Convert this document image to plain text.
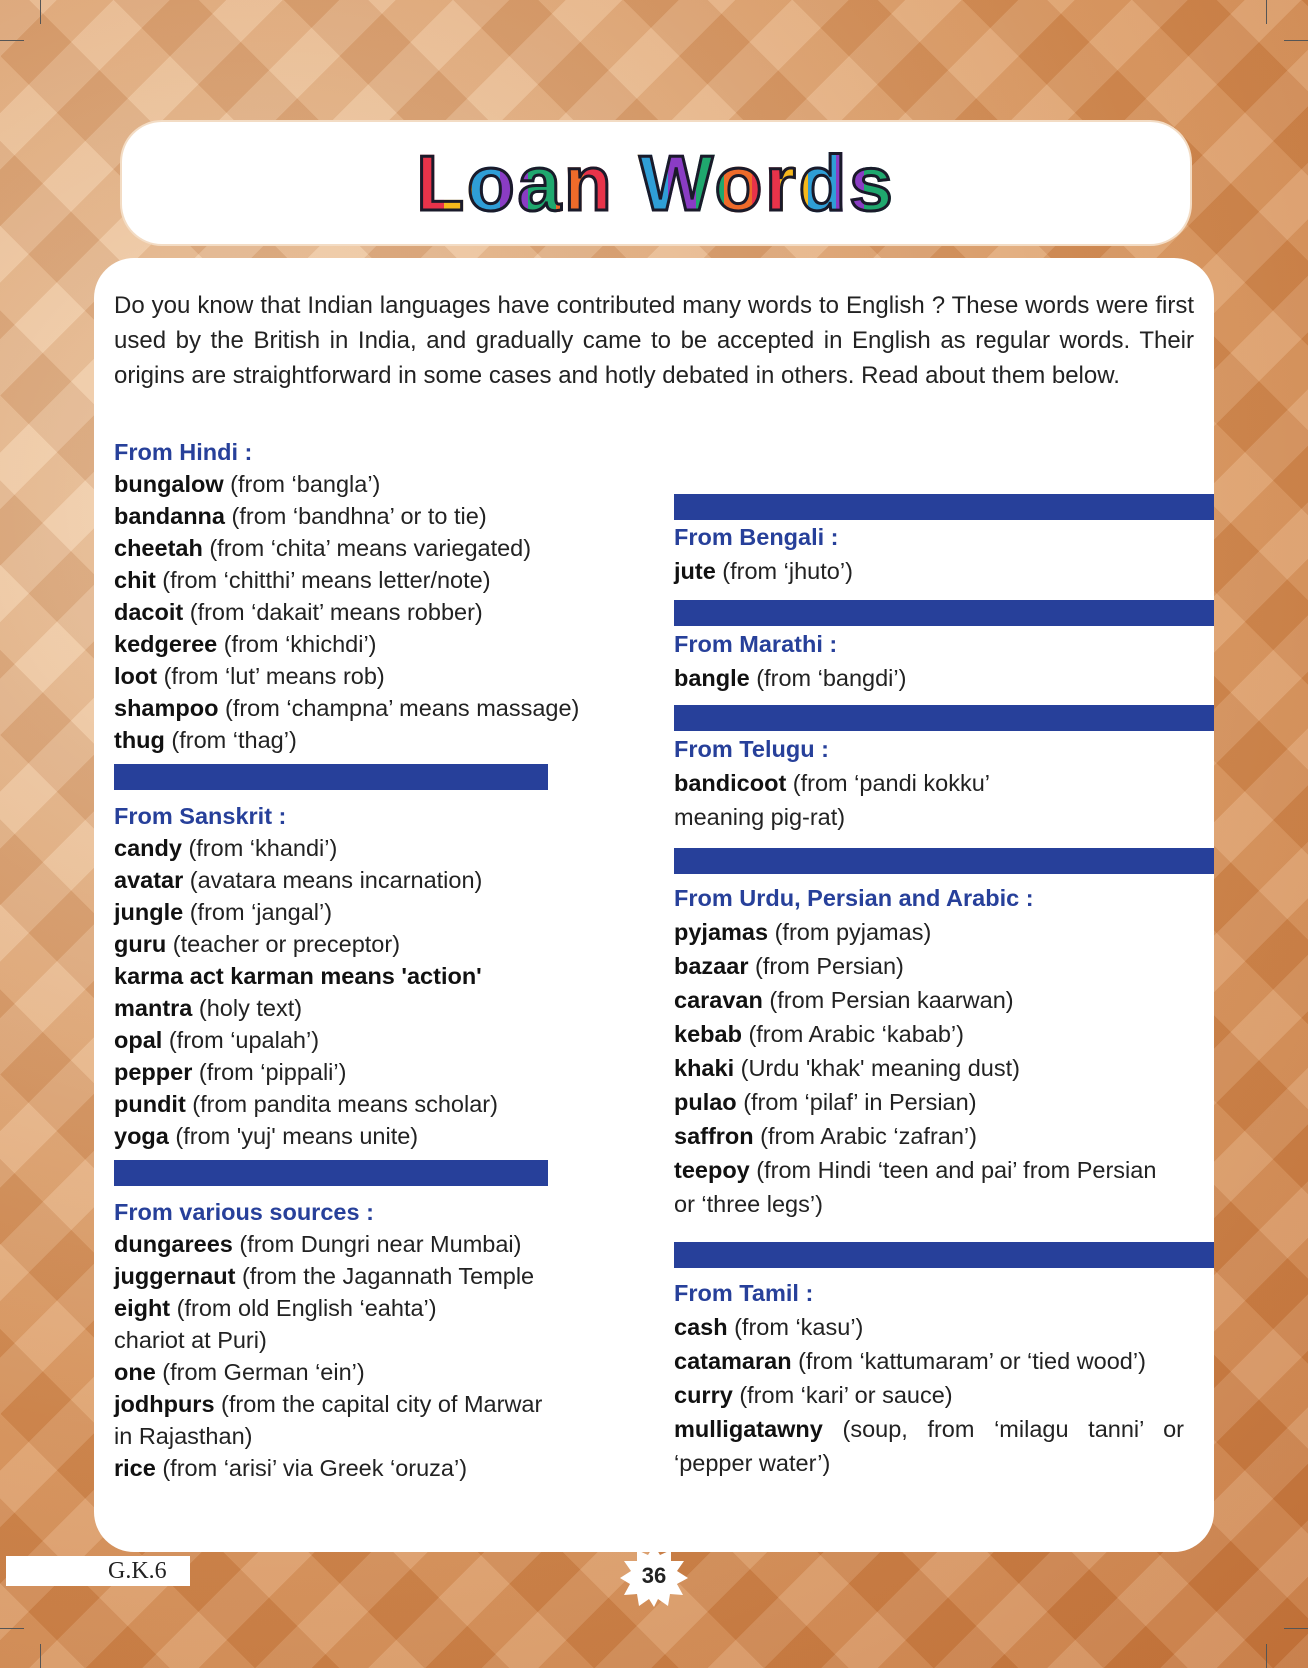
Loan Words
Do you know that Indian languages have contributed many words to English ? These words were first used by the British in India, and gradually came to be accepted in English as regular words. Their origins are straightforward in some cases and hotly debated in others. Read about them below.
From Hindi :
bungalow (from ‘bangla’)
bandanna (from ‘bandhna’ or to tie)
cheetah (from ‘chita’ means variegated)
chit (from ‘chitthi’ means letter/note)
dacoit (from ‘dakait’ means robber)
kedgeree (from ‘khichdi’)
loot (from ‘lut’ means rob)
shampoo (from ‘champna’ means massage)
thug (from ‘thag’)
From Sanskrit :
candy (from ‘khandi’)
avatar (avatara means incarnation)
jungle (from ‘jangal’)
guru (teacher or preceptor)
karma act karman means 'action'
mantra (holy text)
opal (from ‘upalah’)
pepper (from ‘pippali’)
pundit (from pandita means scholar)
yoga (from 'yuj' means unite)
From various sources :
dungarees (from Dungri near Mumbai)
juggernaut (from the Jagannath Temple
eight (from old English ‘eahta’)
chariot at Puri)
one (from German ‘ein’)
jodhpurs (from the capital city of Marwar
in Rajasthan)
rice (from ‘arisi’ via Greek ‘oruza’)
From Bengali :
jute (from ‘jhuto’)
From Marathi :
bangle (from ‘bangdi’)
From Telugu :
bandicoot (from ‘pandi kokku’
meaning pig-rat)
From Urdu, Persian and Arabic :
pyjamas (from pyjamas)
bazaar (from Persian)
caravan (from Persian kaarwan)
kebab (from Arabic ‘kabab’)
khaki (Urdu 'khak' meaning dust)
pulao (from ‘pilaf’ in Persian)
saffron (from Arabic ‘zafran’)
teepoy (from Hindi ‘teen and pai’ from Persian
or ‘three legs’)
From Tamil :
cash (from ‘kasu’)
catamaran (from ‘kattumaram’ or ‘tied wood’)
curry (from ‘kari’ or sauce)
mulligatawny (soup, from ‘milagu tanni’ or ‘pepper water’)
G.K.6	36
